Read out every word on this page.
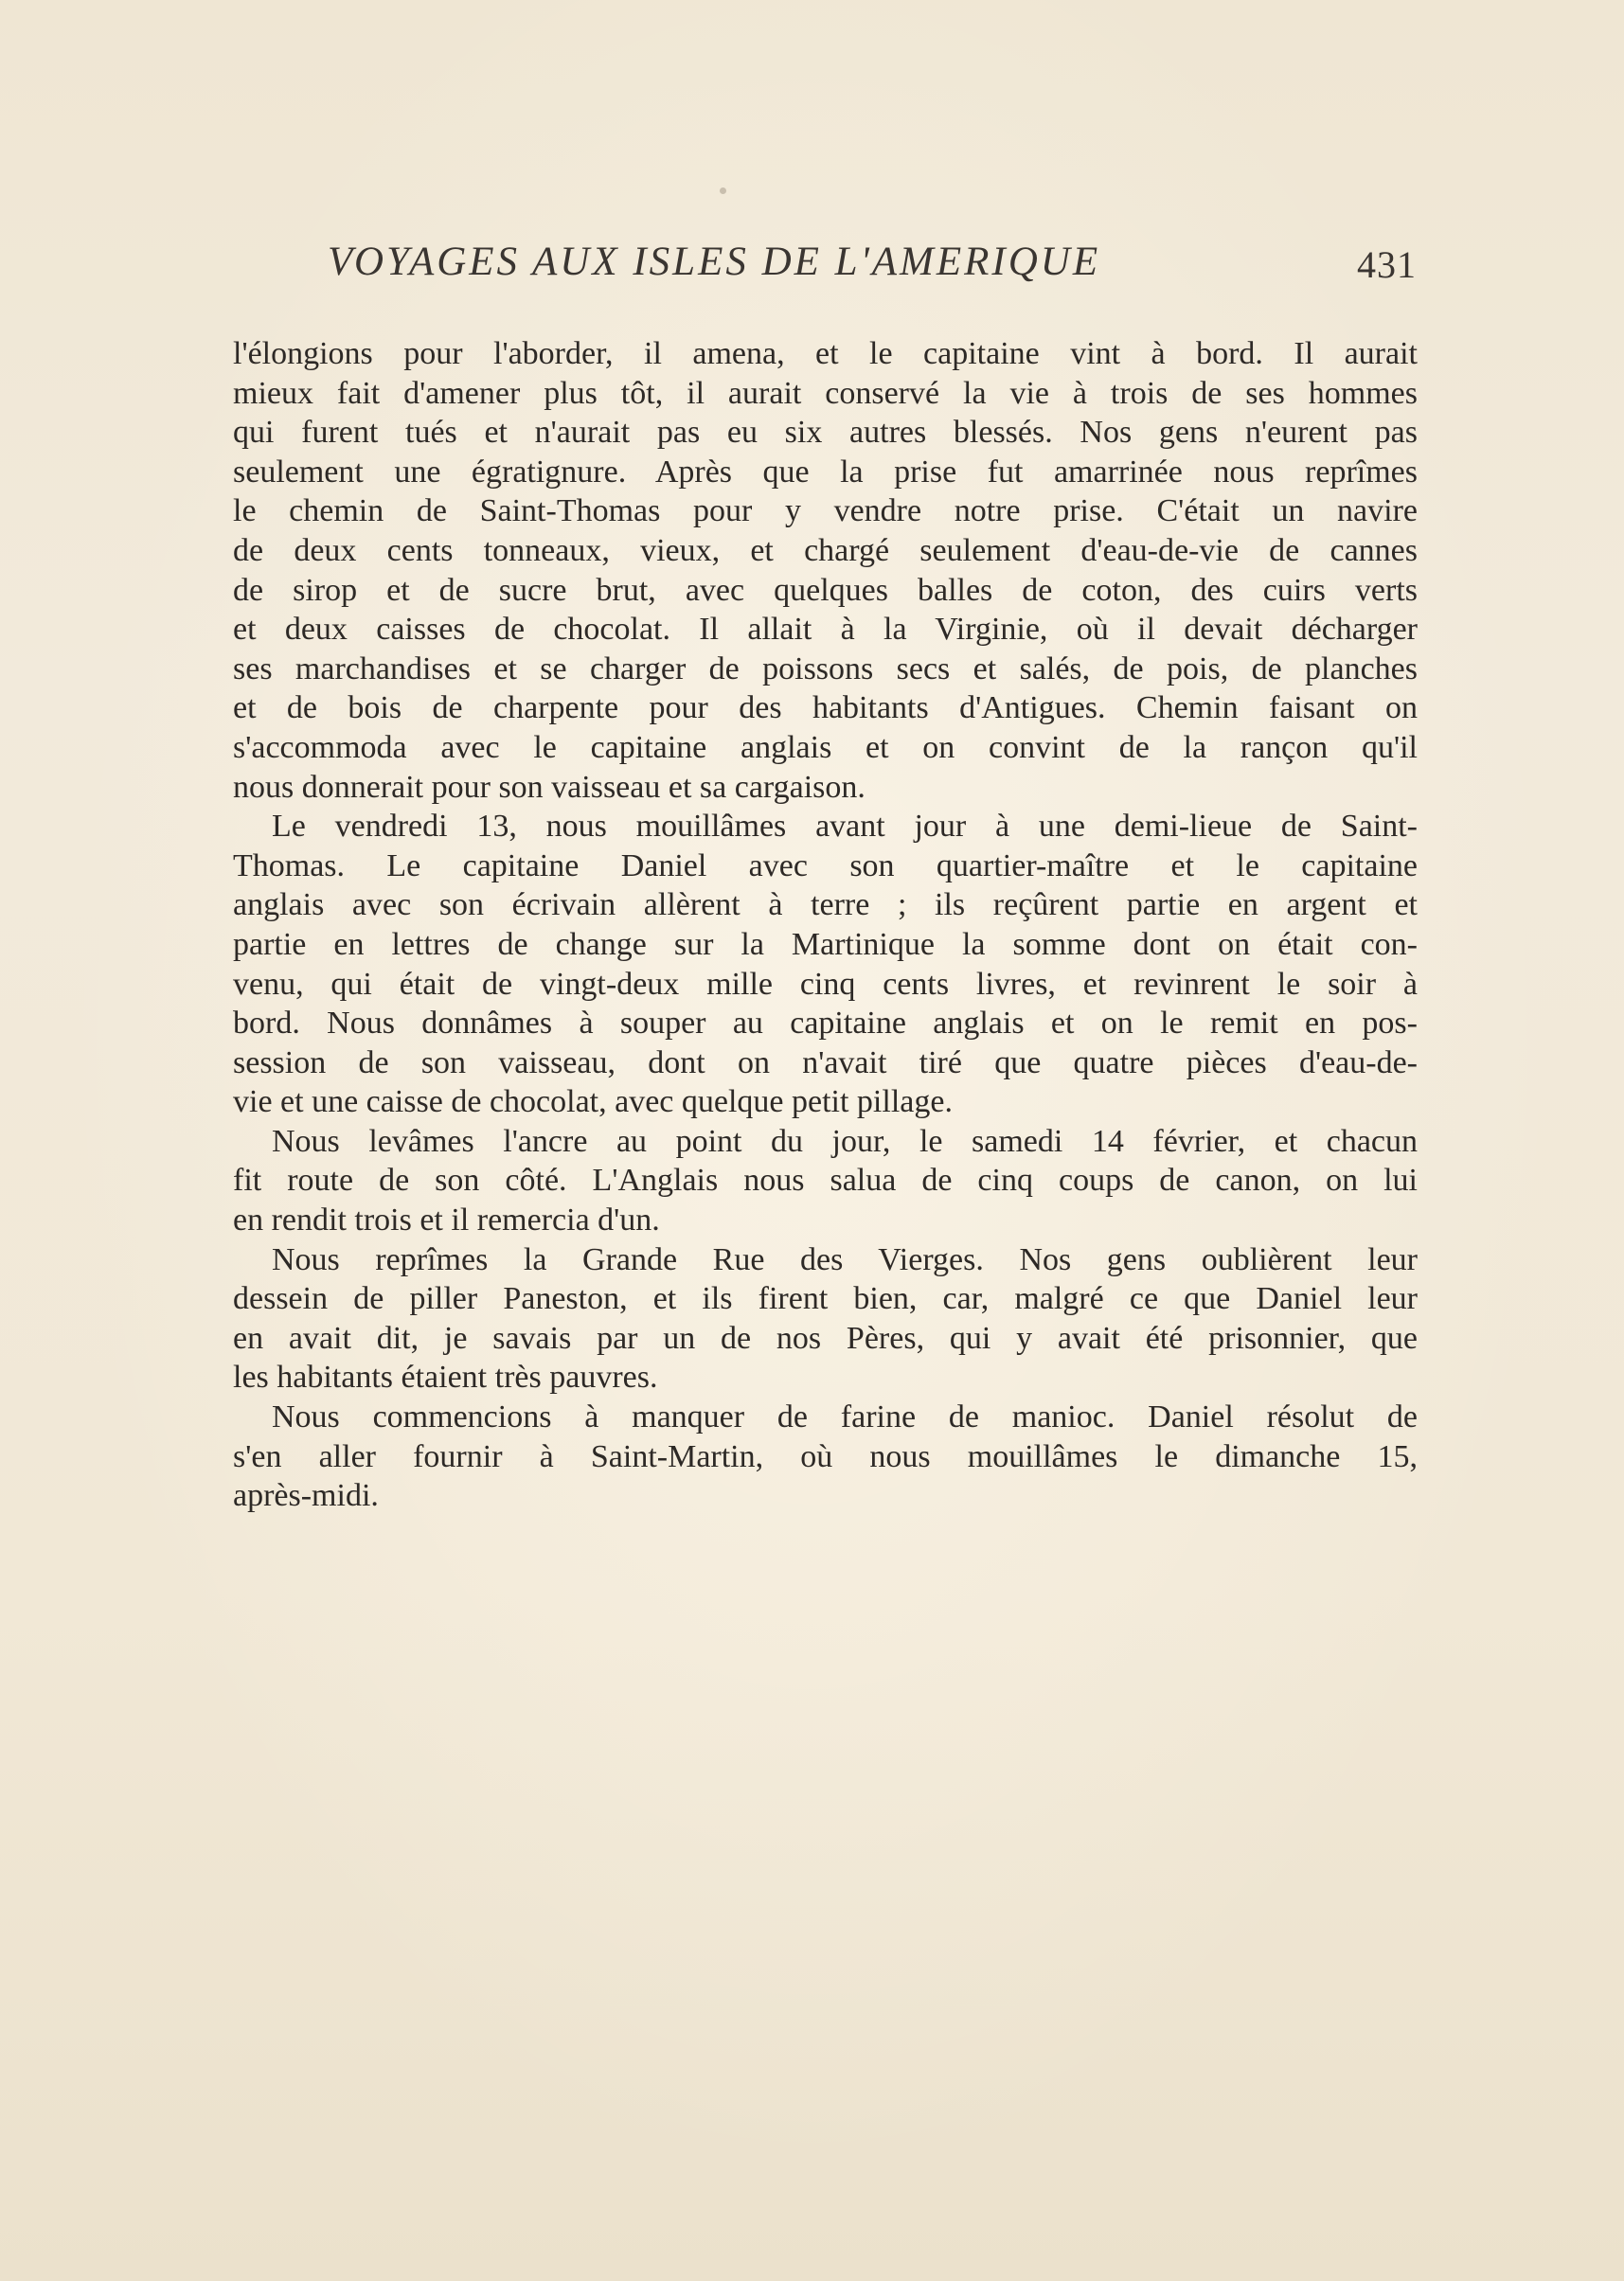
VOYAGES AUX ISLES DE L'AMERIQUE	431
l'élongions pour l'aborder, il amena, et le capitaine vint à bord. Il aurait
mieux fait d'amener plus tôt, il aurait conservé la vie à trois de ses hommes
qui furent tués et n'aurait pas eu six autres blessés. Nos gens n'eurent pas
seulement une égratignure. Après que la prise fut amarrinée nous reprîmes
le chemin de Saint-Thomas pour y vendre notre prise. C'était un navire
de deux cents tonneaux, vieux, et chargé seulement d'eau-de-vie de cannes
de sirop et de sucre brut, avec quelques balles de coton, des cuirs verts
et deux caisses de chocolat. Il allait à la Virginie, où il devait décharger
ses marchandises et se charger de poissons secs et salés, de pois, de planches
et de bois de charpente pour des habitants d'Antigues. Chemin faisant on
s'accommoda avec le capitaine anglais et on convint de la rançon qu'il
nous donnerait pour son vaisseau et sa cargaison.
Le vendredi 13, nous mouillâmes avant jour à une demi-lieue de Saint-
Thomas. Le capitaine Daniel avec son quartier-maître et le capitaine
anglais avec son écrivain allèrent à terre ; ils reçûrent partie en argent et
partie en lettres de change sur la Martinique la somme dont on était con-
venu, qui était de vingt-deux mille cinq cents livres, et revinrent le soir à
bord. Nous donnâmes à souper au capitaine anglais et on le remit en pos-
session de son vaisseau, dont on n'avait tiré que quatre pièces d'eau-de-
vie et une caisse de chocolat, avec quelque petit pillage.
Nous levâmes l'ancre au point du jour, le samedi 14 février, et chacun
fit route de son côté. L'Anglais nous salua de cinq coups de canon, on lui
en rendit trois et il remercia d'un.
Nous reprîmes la Grande Rue des Vierges. Nos gens oublièrent leur
dessein de piller Paneston, et ils firent bien, car, malgré ce que Daniel leur
en avait dit, je savais par un de nos Pères, qui y avait été prisonnier, que
les habitants étaient très pauvres.
Nous commencions à manquer de farine de manioc. Daniel résolut de
s'en aller fournir à Saint-Martin, où nous mouillâmes le dimanche 15,
après-midi.
